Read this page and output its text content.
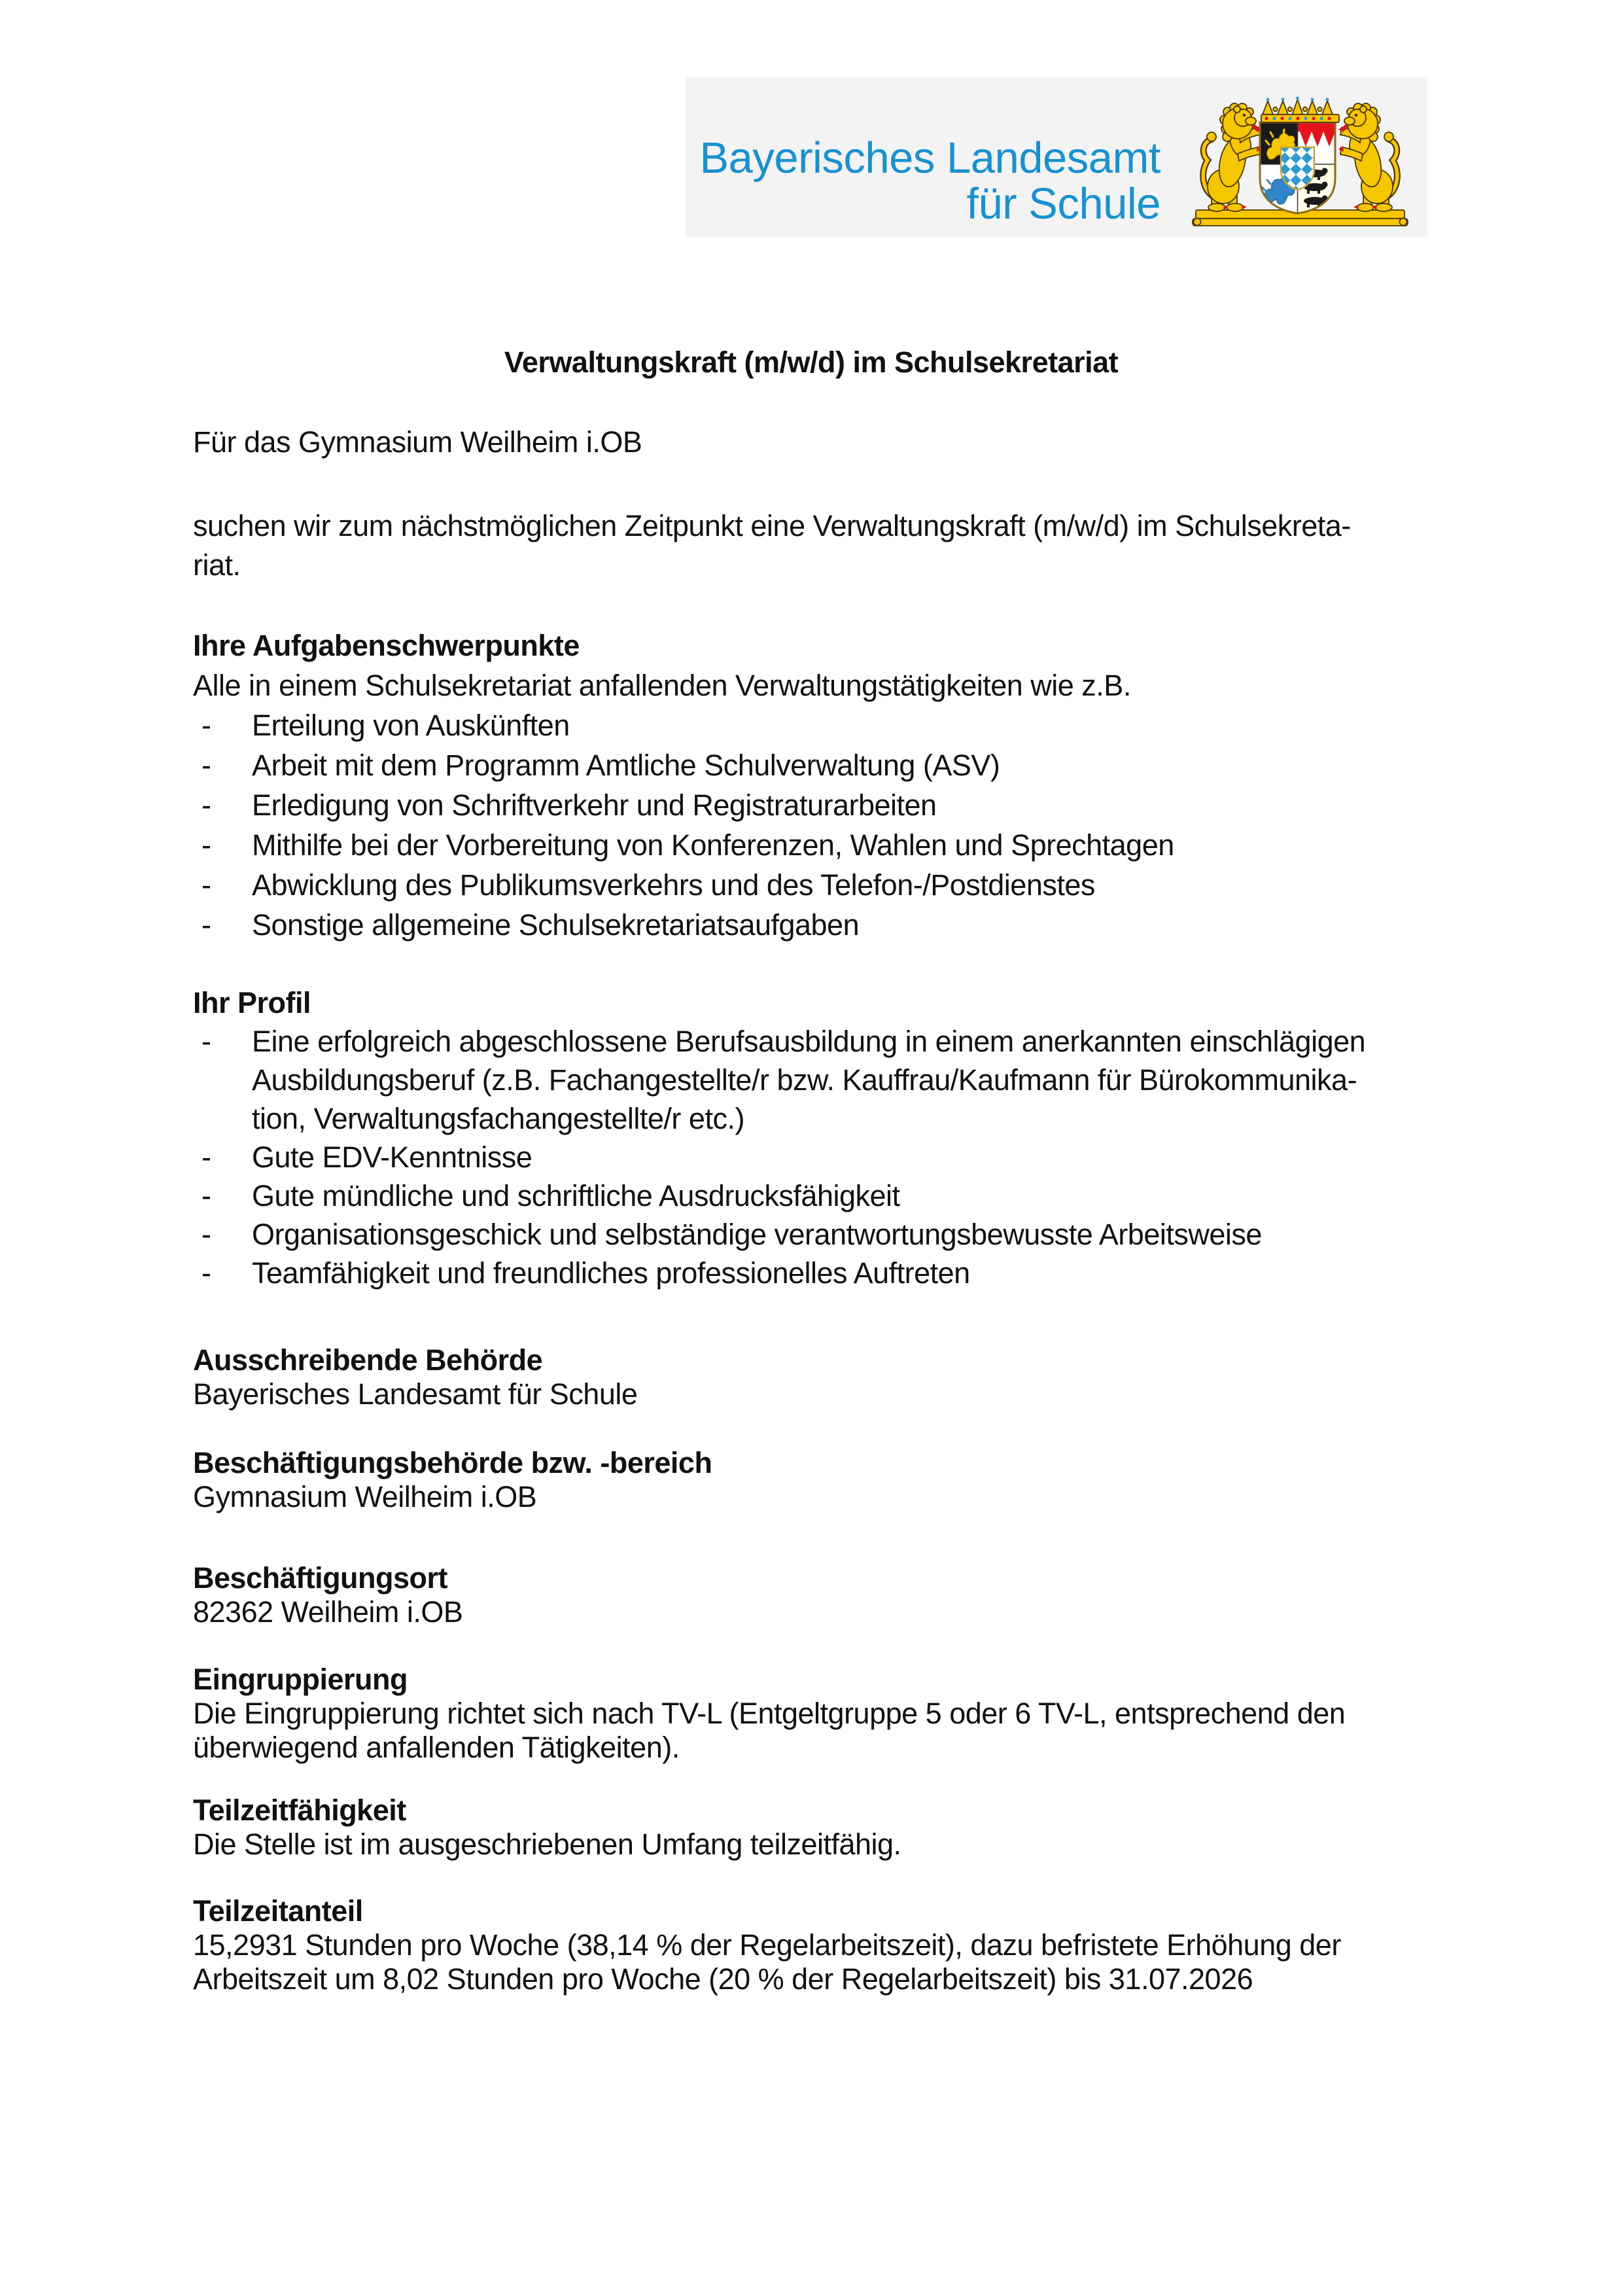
Bayerisches Landesamt
für Schule
Verwaltungskraft (m/w/d) im Schulsekretariat
Für das Gymnasium Weilheim i.OB
suchen wir zum nächstmöglichen Zeitpunkt eine Verwaltungskraft (m/w/d) im Schulsekreta-
riat.
Ihre Aufgabenschwerpunkte
Alle in einem Schulsekretariat anfallenden Verwaltungstätigkeiten wie z.B.
- Erteilung von Auskünften
- Arbeit mit dem Programm Amtliche Schulverwaltung (ASV)
- Erledigung von Schriftverkehr und Registraturarbeiten
- Mithilfe bei der Vorbereitung von Konferenzen, Wahlen und Sprechtagen
- Abwicklung des Publikumsverkehrs und des Telefon-/Postdienstes
- Sonstige allgemeine Schulsekretariatsaufgaben
Ihr Profil
- Eine erfolgreich abgeschlossene Berufsausbildung in einem anerkannten einschlägigen
Ausbildungsberuf (z.B. Fachangestellte/r bzw. Kauffrau/Kaufmann für Bürokommunika-
tion, Verwaltungsfachangestellte/r etc.)
- Gute EDV-Kenntnisse
- Gute mündliche und schriftliche Ausdrucksfähigkeit
- Organisationsgeschick und selbständige verantwortungsbewusste Arbeitsweise
- Teamfähigkeit und freundliches professionelles Auftreten
Ausschreibende Behörde
Bayerisches Landesamt für Schule
Beschäftigungsbehörde bzw. -bereich
Gymnasium Weilheim i.OB
Beschäftigungsort
82362 Weilheim i.OB
Eingruppierung
Die Eingruppierung richtet sich nach TV-L (Entgeltgruppe 5 oder 6 TV-L, entsprechend den
überwiegend anfallenden Tätigkeiten).
Teilzeitfähigkeit
Die Stelle ist im ausgeschriebenen Umfang teilzeitfähig.
Teilzeitanteil
15,2931 Stunden pro Woche (38,14 % der Regelarbeitszeit), dazu befristete Erhöhung der
Arbeitszeit um 8,02 Stunden pro Woche (20 % der Regelarbeitszeit) bis 31.07.2026
